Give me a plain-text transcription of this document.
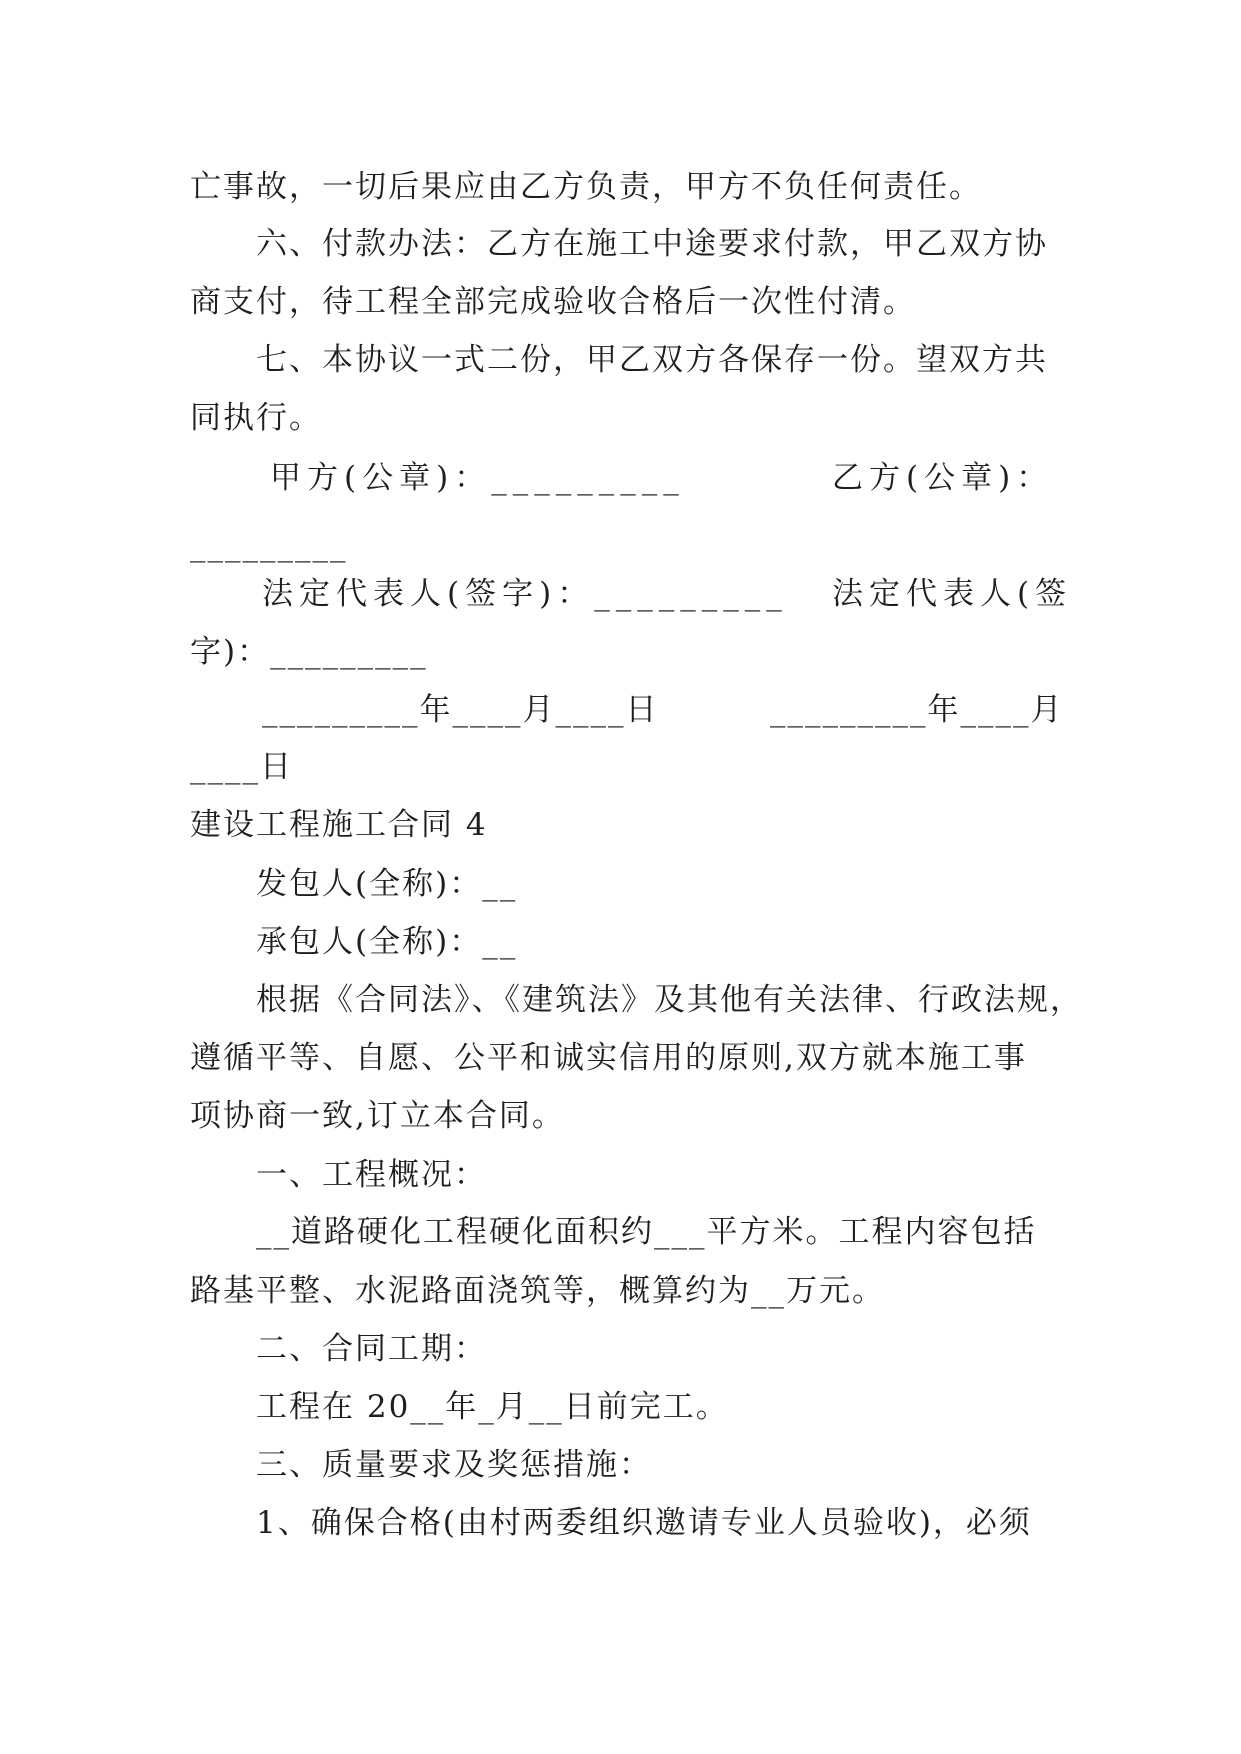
亡事故，一切后果应由乙方负责，甲方不负任何责任。
六、付款办法：乙方在施工中途要求付款，甲乙双方协
商支付，待工程全部完成验收合格后一次性付清。
七、本协议一式二份，甲乙双方各保存一份。望双方共
同执行。
甲方(公章)：_________	乙方(公章)：
_________
法定代表人(签字)：_________ 法定代表人(签
字)：_________
_________年____月____日	_________年____月
____日
建设工程施工合同 4
发包人(全称)：__
承包人(全称)：__
根据《合同法》、《建筑法》及其他有关法律、行政法规，
遵循平等、自愿、公平和诚实信用的原则,双方就本施工事
项协商一致,订立本合同。
一、工程概况：
__道路硬化工程硬化面积约___平方米。工程内容包括
路基平整、水泥路面浇筑等，概算约为__万元。
二、合同工期：
工程在 20__年_月__日前完工。
三、质量要求及奖惩措施：
1、确保合格(由村两委组织邀请专业人员验收)，必须
